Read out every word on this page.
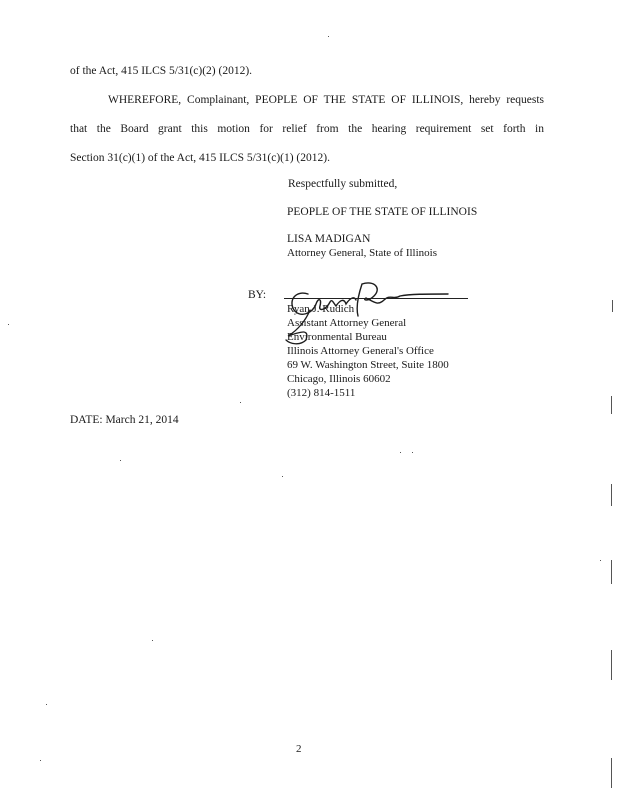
of the Act, 415 ILCS 5/31(c)(2) (2012).
WHEREFORE, Complainant, PEOPLE OF THE STATE OF ILLINOIS, hereby requests
that the Board grant this motion for relief from the hearing requirement set forth in
Section 31(c)(1) of the Act, 415 ILCS 5/31(c)(1) (2012).
Respectfully submitted,
PEOPLE OF THE STATE OF ILLINOIS
LISA MADIGAN
Attorney General, State of Illinois
BY:
Ryan J. Rudich
Assistant Attorney General
Environmental Bureau
Illinois Attorney General's Office
69 W. Washington Street, Suite 1800
Chicago, Illinois 60602
(312) 814-1511
DATE: March 21, 2014
2
